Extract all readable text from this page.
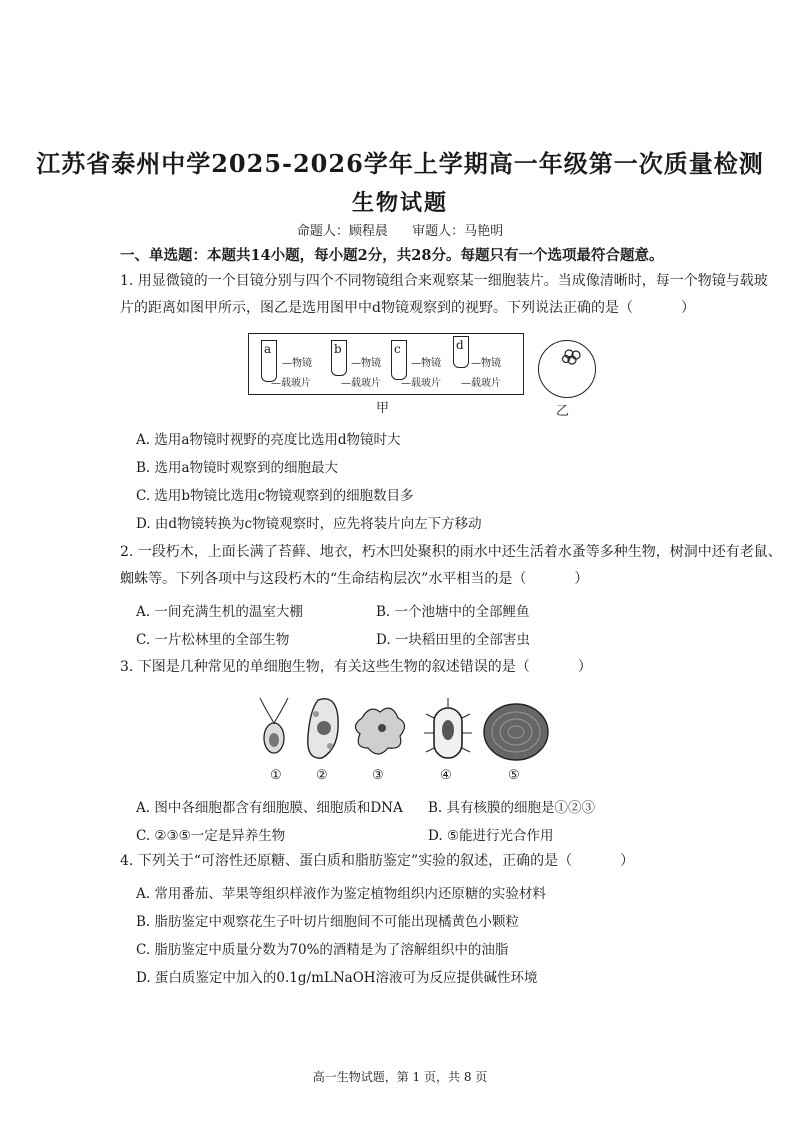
江苏省泰州中学2025-2026学年上学期高一年级第一次质量检测
生物试题
命题人：顾程晨 审题人：马艳明
一、单选题：本题共14小题，每小题2分，共28分。每题只有一个选项最符合题意。
1. 用显微镜的一个目镜分别与四个不同物镜组合来观察某一细胞装片。当成像清晰时，每一个物镜与载玻
片的距离如图甲所示，图乙是选用图甲中d物镜观察到的视野。下列说法正确的是（	）
a
—物镜
—载玻片
b
—物镜
—载玻片
c
—物镜
—载玻片
d
—物镜
—载玻片
甲	乙
A. 选用a物镜时视野的亮度比选用d物镜时大
B. 选用a物镜时观察到的细胞最大
C. 选用b物镜比选用c物镜观察到的细胞数目多
D. 由d物镜转换为c物镜观察时，应先将装片向左下方移动
2. 一段朽木，上面长满了苔藓、地衣，朽木凹处聚积的雨水中还生活着水蚤等多种生物，树洞中还有老鼠、
蜘蛛等。下列各项中与这段朽木的“生命结构层次”水平相当的是（	）
A. 一间充满生机的温室大棚	B. 一个池塘中的全部鲤鱼
C. 一片松林里的全部生物	D. 一块稻田里的全部害虫
3. 下图是几种常见的单细胞生物，有关这些生物的叙述错误的是（	）
①	②	③	④	⑤
A. 图中各细胞都含有细胞膜、细胞质和DNA B. 具有核膜的细胞是①②③
C. ②③⑤一定是异养生物	D. ⑤能进行光合作用
4. 下列关于“可溶性还原糖、蛋白质和脂肪鉴定”实验的叙述，正确的是（	）
A. 常用番茄、苹果等组织样液作为鉴定植物组织内还原糖的实验材料
B. 脂肪鉴定中观察花生子叶切片细胞间不可能出现橘黄色小颗粒
C. 脂肪鉴定中质量分数为70%的酒精是为了溶解组织中的油脂
D. 蛋白质鉴定中加入的0.1g/mLNaOH溶液可为反应提供碱性环境
高一生物试题，第 1 页，共 8 页
